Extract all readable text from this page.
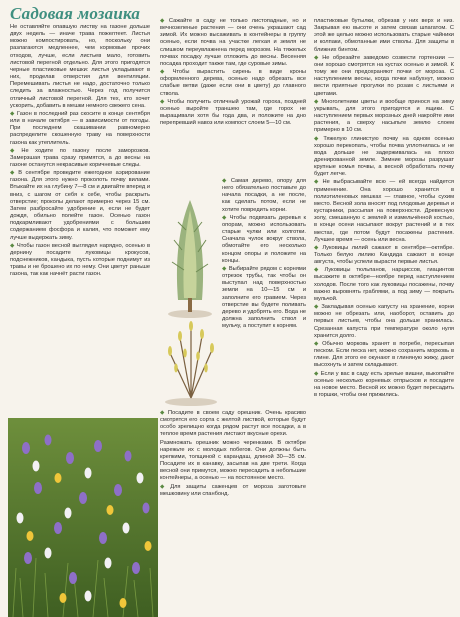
Садовая мозаика

Не оставляйте опавшую листву на газоне дольше двух недель — иначе трава пожелтеет. Листья можно компостировать, но, поскольку они разлагаются медленнее, чем кормовые прочих отходов, лучше, если листьев мало, готовить листовой перегной отдельно. Для этого пригодятся черные пластиковые мешки: листья укладывают в них, проделав отверстия для вентиляции. Перемешивать листья не надо, достаточно только следить за влажностью. Через год получится отличный листовой перегной. Для тех, кто хочет ускорить, добавить в мешки немного свежего сена.

◆ Газон в последний раз скосите в конце сентября или в начале октября — в зависимости от погоды. При последнем скашивании равномерно распределите скошенную траву на поверхности газона как утеплитель.

◆ Не ходите по газону после заморозков. Замерзшая трава сразу примятся, а до весны на газоне останутся некрасивые коричневые следы.

◆ В сентябре проведите ежегодное аэрирование газона. Для этого нужно проколоть почву вилами. Втыкайте их на глубину 7—8 см и двигайте вперед и вниз, с шагом от себя к себе, чтобы раскрыть отверстие; проколы делают примерно через 15 см. Затем разбросайте удобрение и, если не будет дождя, обильно полейте газон. Осенью газон подкармливают удобрениями с большим содержанием фосфора и калия, что поможет ему лучше выдержать зиму.

◆ Чтобы газон весной выглядел нарядно, осенью в дернину посадите луковицы крокусов, подснежников, кандыка, пусть которые поднимут из травы и не брошено их по нему. Они цветут раньше газона, так как начнёт расти газон.

◆ Сажайте в саду не только листопадные, но и вечнозеленые растения — они очень украшают сад зимой. Их можно высаживать в контейнеры в группу осенью, если почва на участке легкая и земля не слишком переувлажнена перед морозом. На тяжелых почвах посадку лучше отложить до весны. Весенняя посадка проходит также там, где суровые зимы.

◆ Чтобы вырастить сирень в виде кроны оформленного дерева, осенью надо обрезать все слабые ветви (даже если они в цвету) до главного ствола.

◆ Чтобы получить отличный урожай гороха, поздней осенью выройте траншею там, где горох не выращивали хотя бы года два, и положите на дно перепревший навоз или компост слоем 5—10 см.

◆ Самая дерево, опору для него обязательно поставьте до начала посадки, а не после, как сделать потом, если не хотите повредить корни.

◆ Чтобы подвязать деревья к опорам, можно использовать старые чулки или колготки. Сначала чулок вокруг ствола, обмотайте его несколько концом опоры и положите на концы.

◆ Выбирайте рядом с корнями отрезок трубы, так чтобы он выступал над поверхностью земли на 10—15 см и заполните его гравием. Через отверстие вы будете поливать дерево и удобрять его. Вода не должна заполнить ствол и мульчу, а поступит к корням.

◆ Посадите в своем саду орешник. Очень красиво смотрятся его сорта с желтой листвой, которые будут особо зрелищно когда рядом растут все посадки, а в теплое время растения листают вкусные орехи.

Размножать орешник можно черенками. В октябре нарежьте их с молодых побегов. Они должны быть крепкими, толщиной с карандаш, длиной 30—35 см. Посадите их в канавку, засыпав на две трети. Когда весной они примутся, можно пересадить в небольшие контейнеры, а осенью — на постоянное место.

◆ Для защиты саженцев от мороза заготовьте мешковину или спанбонд.

пластиковые бутылки, обрезав у них верх и низ. Закрывая ею высоте и затем связав шпагатом. С этой же целью можно использовать старые чайники и колпаки, обмотанные ими стволы. Для защиты в ближних бинтом.

◆ Не обрезайте заведомо созвести гортензии — они хорошо смотрятся на кустах осенью и зимой. К тому же они предохраняют почки от мороза. С наступлением весны, когда почки набухнут, можно вести приятные прогулки по розам с листьями и цветами.

◆ Многолетники цветы и вообще принося на зиму укрывать, для этого пригодятся и ящики. С наступлением первых морозных дней накройте ими растения, а сверху насыпьте землю слоем примерно в 10 см.

◆ Тяжелую глинистую почву на одном осенью хорошо перекопать, чтобы почва уплотнилась и не вода дольше не задерживалась на плохо дренированной земле. Зимние морозы разрушат крупные комья почвы, а весной обработать почву будет легче.

◆ Не выбрасывайте всю — ей всегда найдется применение. Она хорошо хранится в полиэтиленовых мешках — главное, чтобы сухим место. Весной зола вносят под плодовые деревья и кустарники, рассыпая на поверхности. Древесную золу, смешанную с землей и измельчённой костью, в конце осени насыпают вокруг растений и в тех местах, где потом будут посажены растения. Лучшее время — осень или весна.

◆ Луковицы лилий сажают в сентябре—октябре. Только белую лилию Кандида сажают в конце августа, чтобы успели вырасти первые листья.

◆ Луковицы тюльпанов, нарциссов, гиацинтов высажите в октябре—ноябре перед наступлением холодов. После того как луковицы посажены, почву важно выровнять граблями, а под зиму — покрыть мульчой.

◆ Закладывая осенью капусту на хранение, корни можно не обрезать или, наоборот, оставить до первых листьев, чтобы она дольше хранилась. Срезанная капуста при температуре около нуля хранится долго.

◆ Обычно морковь хранят в погребе, пересыпая песком. Если песка нет, можно сохранить морковь в глине. Для этого ее окунают в глиняную жижу, дают высохнуть и затем складывают.

◆ Если у вас в саду есть зрелые вишни, выкопайте осенью несколько корневых отпрысков и посадите на новое место. Весной их можно будет пересадить в горшки, чтобы они прижились.
